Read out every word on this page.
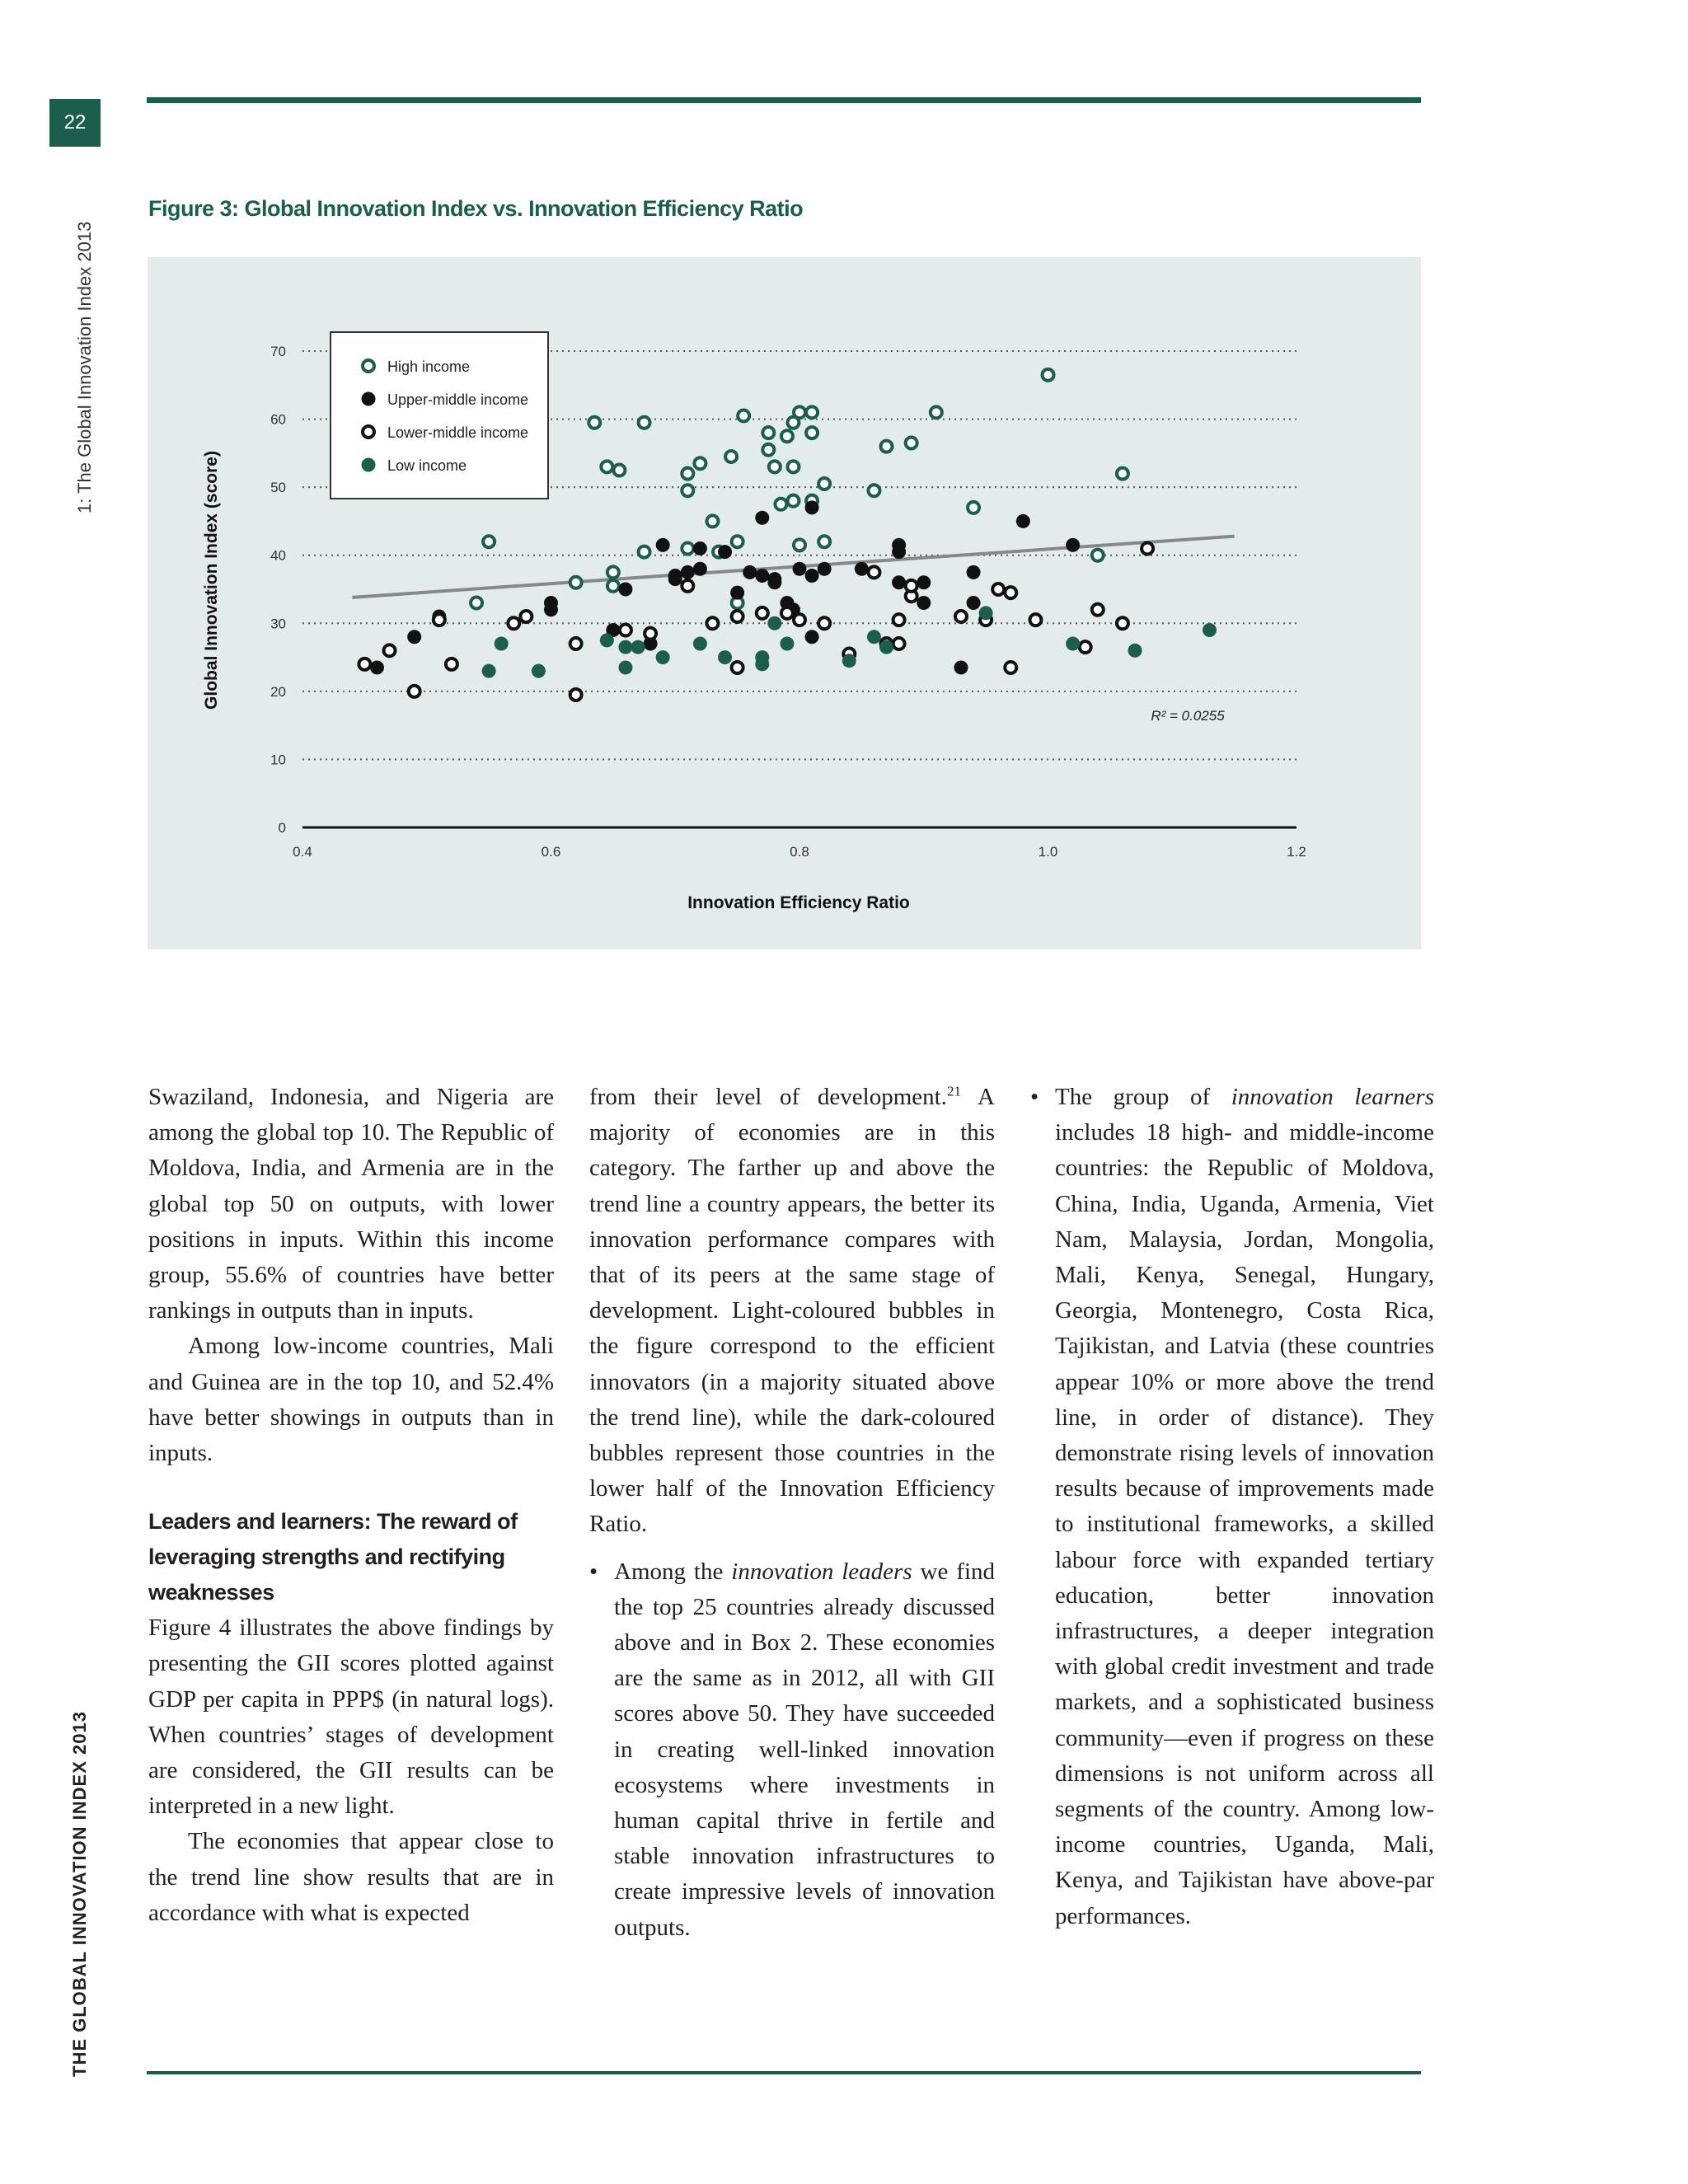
22
1: The Global Innovation Index 2013
THE GLOBAL INNOVATION INDEX 2013
Figure 3: Global Innovation Index vs. Innovation Efficiency Ratio
0
10
20
30
40
50
60
70
0.4	0.6	0.8	1.0	1.2
High income
Upper-middle income
Lower-middle income
Low income
Innovation Efficiency Ratio
Global Innovation Index (score)
R² = 0.0255

Swaziland, Indonesia, and Nigeria are among the global top 10. The Republic of Moldova, India, and Armenia are in the global top 50 on outputs, with lower positions in inputs. Within this income group, 55.6% of countries have better rankings in outputs than in inputs.

Among low-income countries, Mali and Guinea are in the top 10, and 52.4% have better showings in outputs than in inputs.

Leaders and learners: The reward of leveraging strengths and rectifying weaknesses

Figure 4 illustrates the above findings by presenting the GII scores plotted against GDP per capita in PPP$ (in natural logs). When countries’ stages of development are considered, the GII results can be interpreted in a new light.

The economies that appear close to the trend line show results that are in accordance with what is expected

from their level of development.$^{21}$ A majority of economies are in this category. The farther up and above the trend line a country appears, the better its innovation performance compares with that of its peers at the same stage of development. Light-coloured bubbles in the figure correspond to the efficient innovators (in a majority situated above the trend line), while the dark-coloured bubbles represent those countries in the lower half of the Innovation Efficiency Ratio.

• Among the innovation leaders we find the top 25 countries already discussed above and in Box 2. These economies are the same as in 2012, all with GII scores above 50. They have succeeded in creating well-linked innovation ecosystems where investments in human capital thrive in fertile and stable innovation infrastructures to create impressive levels of innovation outputs.

• The group of innovation learners includes 18 high- and middle-income countries: the Republic of Moldova, China, India, Uganda, Armenia, Viet Nam, Malaysia, Jordan, Mongolia, Mali, Kenya, Senegal, Hungary, Georgia, Montenegro, Costa Rica, Tajikistan, and Latvia (these countries appear 10% or more above the trend line, in order of distance). They demonstrate rising levels of innovation results because of improvements made to institutional frameworks, a skilled labour force with expanded tertiary education, better innovation infrastructures, a deeper integration with global credit investment and trade markets, and a sophisticated business community—even if progress on these dimensions is not uniform across all segments of the country. Among low-income countries, Uganda, Mali, Kenya, and Tajikistan have above-par performances.
